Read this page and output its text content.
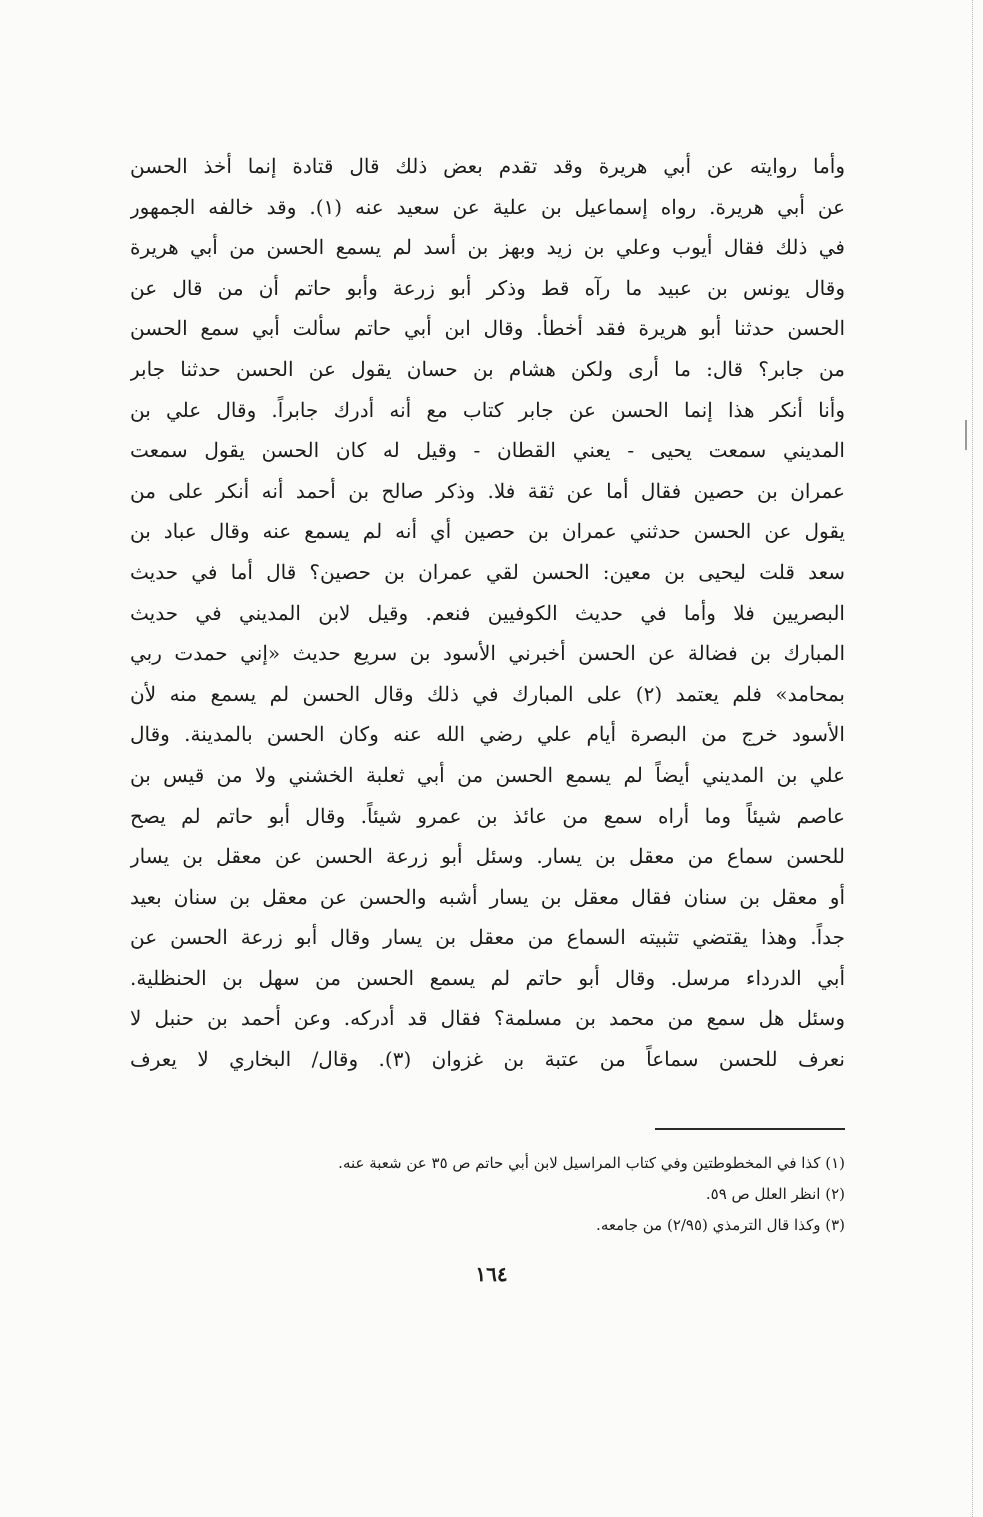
وأما روايته عن أبي هريرة وقد تقدم بعض ذلك قال قتادة إنما أخذ الحسن
عن أبي هريرة. رواه إسماعيل بن علية عن سعيد عنه (١). وقد خالفه الجمهور
في ذلك فقال أيوب وعلي بن زيد وبهز بن أسد لم يسمع الحسن من أبي هريرة
وقال يونس بن عبيد ما رآه قط وذكر أبو زرعة وأبو حاتم أن من قال عن
الحسن حدثنا أبو هريرة فقد أخطأ. وقال ابن أبي حاتم سألت أبي سمع الحسن
من جابر؟ قال: ما أرى ولكن هشام بن حسان يقول عن الحسن حدثنا جابر
وأنا أنكر هذا إنما الحسن عن جابر كتاب مع أنه أدرك جابراً. وقال علي بن
المديني سمعت يحيى - يعني القطان - وقيل له كان الحسن يقول سمعت
عمران بن حصين فقال أما عن ثقة فلا. وذكر صالح بن أحمد أنه أنكر على من
يقول عن الحسن حدثني عمران بن حصين أي أنه لم يسمع عنه وقال عباد بن
سعد قلت ليحيى بن معين: الحسن لقي عمران بن حصين؟ قال أما في حديث
البصريين فلا وأما في حديث الكوفيين فنعم. وقيل لابن المديني في حديث
المبارك بن فضالة عن الحسن أخبرني الأسود بن سريع حديث «إني حمدت ربي
بمحامد» فلم يعتمد (٢) على المبارك في ذلك وقال الحسن لم يسمع منه لأن
الأسود خرج من البصرة أيام علي رضي الله عنه وكان الحسن بالمدينة. وقال
علي بن المديني أيضاً لم يسمع الحسن من أبي ثعلبة الخشني ولا من قيس بن
عاصم شيئاً وما أراه سمع من عائذ بن عمرو شيئاً. وقال أبو حاتم لم يصح
للحسن سماع من معقل بن يسار. وسئل أبو زرعة الحسن عن معقل بن يسار
أو معقل بن سنان فقال معقل بن يسار أشبه والحسن عن معقل بن سنان بعيد
جداً. وهذا يقتضي تثبيته السماع من معقل بن يسار وقال أبو زرعة الحسن عن
أبي الدرداء مرسل. وقال أبو حاتم لم يسمع الحسن من سهل بن الحنظلية.
وسئل هل سمع من محمد بن مسلمة؟ فقال قد أدركه. وعن أحمد بن حنبل لا
نعرف للحسن سماعاً من عتبة بن غزوان (٣). وقال/ البخاري لا يعرف
(١) كذا في المخطوطتين وفي كتاب المراسيل لابن أبي حاتم ص ٣٥ عن شعبة عنه.
(٢) انظر العلل ص ٥٩.
(٣) وكذا قال الترمذي (٢/٩٥) من جامعه.
١٦٤
